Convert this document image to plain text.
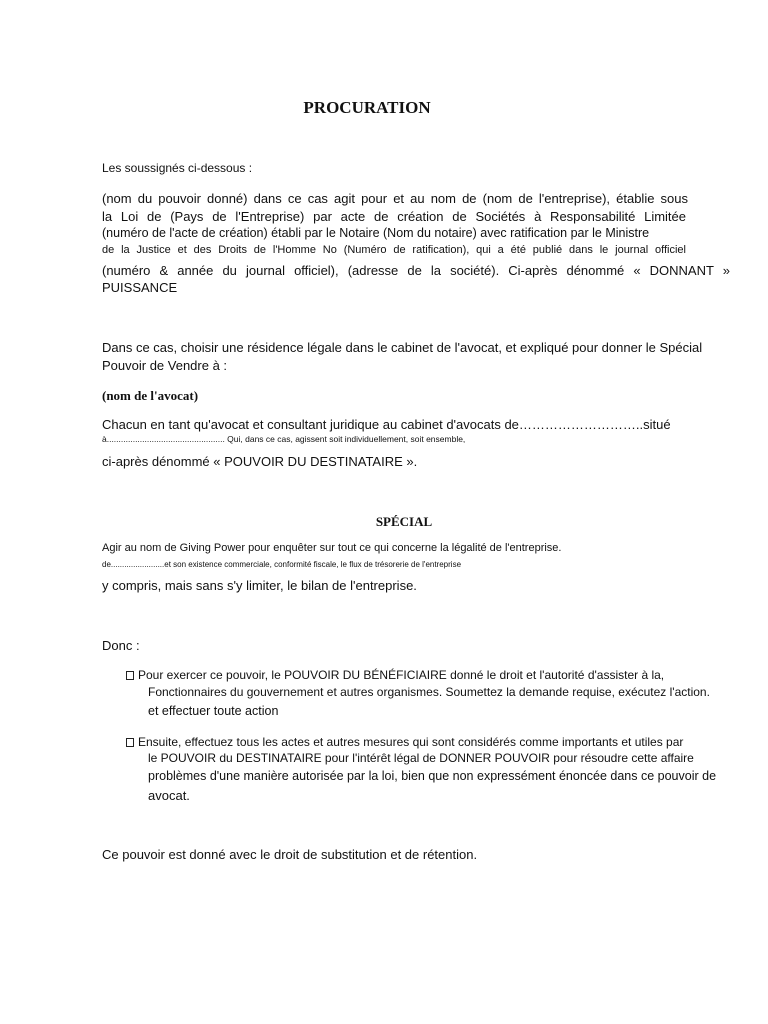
PROCURATION
Les soussignés ci-dessous :
(nom du pouvoir donné) dans ce cas agit pour et au nom de (nom de l'entreprise), établie sous
la Loi de (Pays de l'Entreprise) par acte de création de Sociétés à Responsabilité Limitée
(numéro de l'acte de création) établi par le Notaire (Nom du notaire) avec ratification par le Ministre
de la Justice et des Droits de l'Homme No (Numéro de ratification), qui a été publié dans le journal officiel
(numéro & année du journal officiel), (adresse de la société). Ci-après dénommé « DONNANT »
PUISSANCE
Dans ce cas, choisir une résidence légale dans le cabinet de l'avocat, et expliqué pour donner le Spécial
Pouvoir de Vendre à :
(nom de l'avocat)
Chacun en tant qu'avocat et consultant juridique au cabinet d'avocats de………………………..situé
à.................................................. Qui, dans ce cas, agissent soit individuellement, soit ensemble,
ci-après dénommé « POUVOIR DU DESTINATAIRE ».
SPÉCIAL
Agir au nom de Giving Power pour enquêter sur tout ce qui concerne la légalité de l'entreprise.
de........................et son existence commerciale, conformité fiscale, le flux de trésorerie de l'entreprise
y compris, mais sans s'y limiter, le bilan de l'entreprise.
Donc :
Pour exercer ce pouvoir, le POUVOIR DU BÉNÉFICIAIRE donné le droit et l'autorité d'assister à la,
Fonctionnaires du gouvernement et autres organismes. Soumettez la demande requise, exécutez l'action.
et effectuer toute action
Ensuite, effectuez tous les actes et autres mesures qui sont considérés comme importants et utiles par
le POUVOIR du DESTINATAIRE pour l'intérêt légal de DONNER POUVOIR pour résoudre cette affaire
problèmes d'une manière autorisée par la loi, bien que non expressément énoncée dans ce pouvoir de
avocat.
Ce pouvoir est donné avec le droit de substitution et de rétention.
